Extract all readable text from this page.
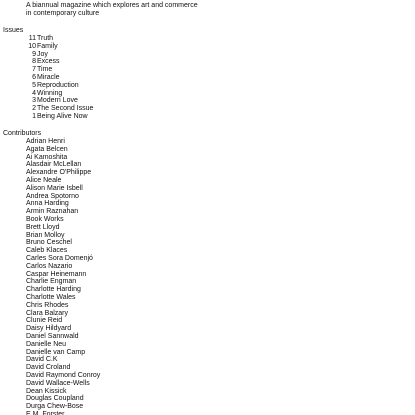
A biannual magazine which explores art and commerce
in contemporary culture
Issues
11 Truth
10 Family
9 Joy
8 Excess
7 Time
6 Miracle
5 Reproduction
4 Winning
3 Modern Love
2 The Second Issue
1 Being Alive Now
Contributors
Adrian Henri
Agata Belcen
Ai Kamoshita
Alasdair McLellan
Alexandre O'Philippe
Alice Neale
Alison Marie Isbell
Andrea Spotorno
Anna Harding
Armin Raznahan
Book Works
Brett Lloyd
Brian Molloy
Bruno Ceschel
Caleb Klaces
Carles Sora Domenjó
Carlos Nazario
Caspar Heinemann
Charlie Engman
Charlotte Harding
Charlotte Wales
Chris Rhodes
Clara Balzary
Clunie Reid
Daisy Hildyard
Daniel Sannwald
Danielle Neu
Danielle van Camp
David C.K
David Croland
David Raymond Conroy
David Wallace-Wells
Dean Kissick
Douglas Coupland
Durga Chew-Bose
E.M. Forster
